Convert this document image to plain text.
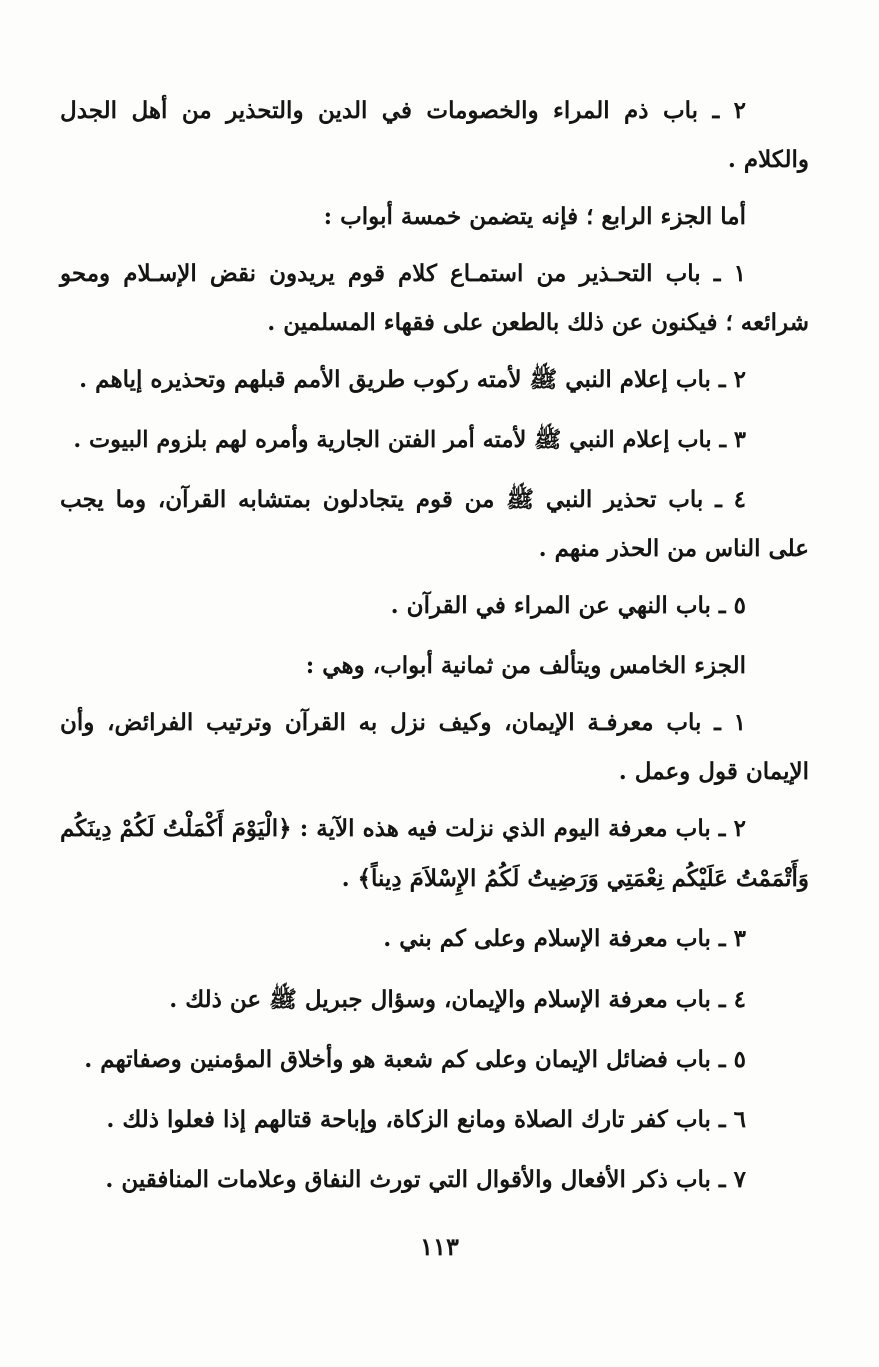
٢ ـ باب ذم المراء والخصومات في الدين والتحذير من أهل الجدل
والكلام .
أما الجزء الرابع ؛ فإنه يتضمن خمسة أبواب :
١ ـ باب التحـذير من استمـاع كلام قوم يريدون نقض الإسـلام ومحو
شرائعه ؛ فيكنون عن ذلك بالطعن على فقهاء المسلمين .
٢ ـ باب إعلام النبي ﷺ لأمته ركوب طريق الأمم قبلهم وتحذيره إياهم .
٣ ـ باب إعلام النبي ﷺ لأمته أمر الفتن الجارية وأمره لهم بلزوم البيوت .
٤ ـ باب تحذير النبي ﷺ من قوم يتجادلون بمتشابه القرآن، وما يجب
على الناس من الحذر منهم .
٥ ـ باب النهي عن المراء في القرآن .
الجزء الخامس ويتألف من ثمانية أبواب، وهي :
١ ـ باب معرفـة الإيمان، وكيف نزل به القرآن وترتيب الفرائض، وأن
الإيمان قول وعمل .
٢ ـ باب معرفة اليوم الذي نزلت فيه هذه الآية : ﴿الْيَوْمَ أَكْمَلْتُ لَكُمْ دِينَكُم
وَأَتْمَمْتُ عَلَيْكُم نِعْمَتِي وَرَضِيتُ لَكُمُ الإِسْلاَمَ دِيناً﴾ .
٣ ـ باب معرفة الإسلام وعلى كم بني .
٤ ـ باب معرفة الإسلام والإيمان، وسؤال جبريل ﷺ عن ذلك .
٥ ـ باب فضائل الإيمان وعلى كم شعبة هو وأخلاق المؤمنين وصفاتهم .
٦ ـ باب كفر تارك الصلاة ومانع الزكاة، وإباحة قتالهم إذا فعلوا ذلك .
٧ ـ باب ذكر الأفعال والأقوال التي تورث النفاق وعلامات المنافقين .
١١٣
